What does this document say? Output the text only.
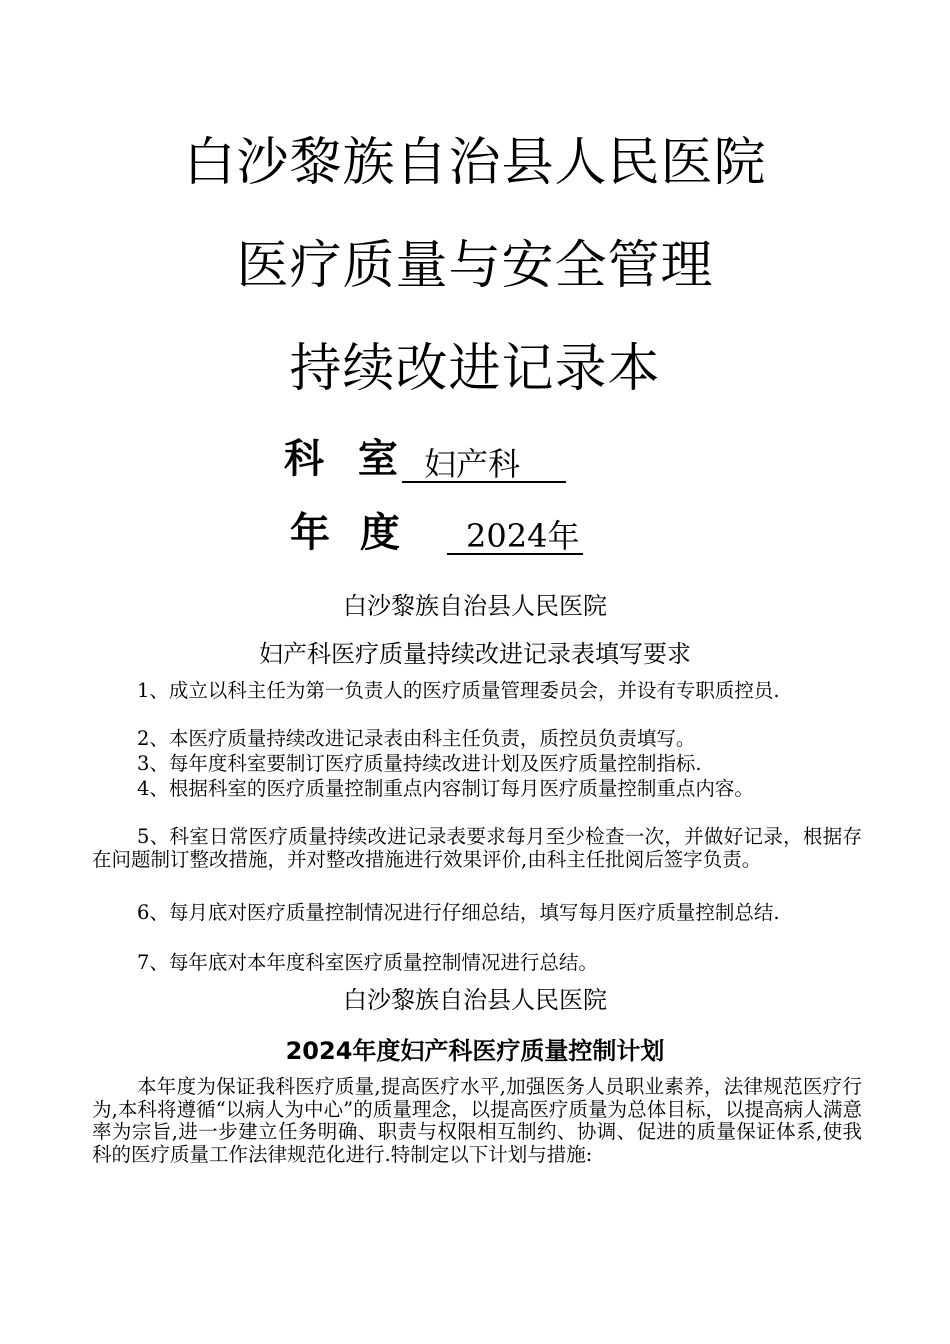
白沙黎族自治县人民医院
医疗质量与安全管理
持续改进记录本
科 室 妇产科
年 度 2024年
白沙黎族自治县人民医院
妇产科医疗质量持续改进记录表填写要求

1、成立以科主任为第一负责人的医疗质量管理委员会，并设有专职质控员.

2、本医疗质量持续改进记录表由科主任负责，质控员负责填写。

3、每年度科室要制订医疗质量持续改进计划及医疗质量控制指标.

4、根据科室的医疗质量控制重点内容制订每月医疗质量控制重点内容。

5、科室日常医疗质量持续改进记录表要求每月至少检查一次，并做好记录，根据存在问题制订整改措施，并对整改措施进行效果评价,由科主任批阅后签字负责。

6、每月底对医疗质量控制情况进行仔细总结，填写每月医疗质量控制总结.

7、每年底对本年度科室医疗质量控制情况进行总结。

白沙黎族自治县人民医院
2024年度妇产科医疗质量控制计划

本年度为保证我科医疗质量,提高医疗水平,加强医务人员职业素养，法律规范医疗行为,本科将遵循“以病人为中心”的质量理念，以提高医疗质量为总体目标，以提高病人满意率为宗旨,进一步建立任务明确、职责与权限相互制约、协调、促进的质量保证体系,使我科的医疗质量工作法律规范化进行.特制定以下计划与措施:
